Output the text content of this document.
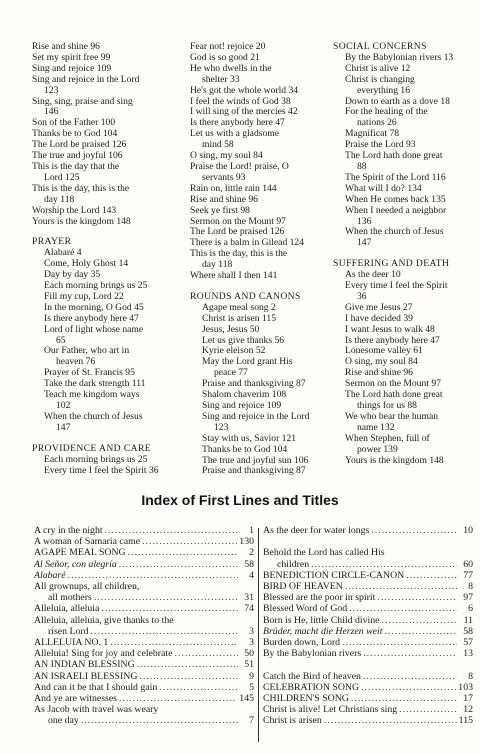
Rise and shine 96
Set my spirit free 99
Sing and rejoice 109
Sing and rejoice in the Lord
123
Sing, sing, praise and sing
146
Son of the Father 100
Thanks be to God 104
The Lord be praised 126
The true and joyful 106
This is the day that the
Lord 125
This is the day, this is the
day 118
Worship the Lord 143
Yours is the kingdom 148
PRAYER
Alabaré 4
Come, Holy Ghost 14
Day by day 35
Each morning brings us 25
Fill my cup, Lord 22
In the morning, O God 45
Is there anybody here 47
Lord of light whose name
65
Our Father, who art in
heaven 76
Prayer of St. Francis 95
Take the dark strength 111
Teach me kingdom ways
102
When the church of Jesus
147
PROVIDENCE AND CARE
Each morning brings us 25
Every time I feel the Spirit 36
Fear not! rejoice 20
God is so good 21
He who dwells in the
shelter 33
He's got the whole world 34
I feel the winds of God 38
I will sing of the mercies 42
Is there anybody here 47
Let us with a gladsome
mind 58
O sing, my soul 84
Praise the Lord! praise, O
servants 93
Rain on, little rain 144
Rise and shine 96
Seek ye first 98
Sermon on the Mount 97
The Lord be praised 126
There is a balm in Gilead 124
This is the day, this is the
day 118
Where shall I then 141
ROUNDS AND CANONS
Agape meal song 2
Christ is arisen 115
Jesus, Jesus 50
Let us give thanks 56
Kyrie eleison 52
May the Lord grant His
peace 77
Praise and thanksgiving 87
Shalom chaverim 108
Sing and rejoice 109
Sing and rejoice in the Lord
123
Stay with us, Savior 121
Thanks be to God 104
The true and joyful sun 106
Praise and thanksgiving 87
SOCIAL CONCERNS
By the Babylonian rivers 13
Christ is alive 12
Christ is changing
everything 16
Down to earth as a dove 18
For the healing of the
nations 26
Magnificat 78
Praise the Lord 93
The Lord hath done great
88
The Spirit of the Lord 116
What will I do? 134
When He comes back 135
When I needed a neighbor
136
When the church of Jesus
147
SUFFERING AND DEATH
As the deer 10
Every time I feel the Spirit
36
Give me Jesus 27
I have decided 39
I want Jesus to walk 48
Is there anybody here 47
Lonesome valley 61
O sing, my soul 84
Rise and shine 96
Sermon on the Mount 97
The Lord hath done great
things for us 88
We who bear the human
name 132
When Stephen, full of
power 139
Yours is the kingdom 148
Index of First Lines and Titles
A cry in the night .....	1
A woman of Samaria came .....	130
AGAPE MEAL SONG .....	2
Al Señor, con alegría .....	58
Alabaré .....	4
All grownups, all children,
all mothers .....	31
Alleluia, alleluia .....	74
Alleluia, alleluia, give thanks to the
risen Lord .....	3
ALLELUIA NO. 1 .....	3
Alleluia! Sing for joy and celebrate .....	50
AN INDIAN BLESSING .....	51
AN ISRAELI BLESSING .....	9
And can it be that I should gain .....	5
And ye are witnesses .....	145
As Jacob with travel was weary
one day .....	7
As the deer for water longs .....	10
Behold the Lord has called His
children .....	60
BENEDICTION CIRCLE-CANON .....	77
BIRD OF HEAVEN .....	8
Blessed are the poor in spirit .....	97
Blessed Word of God .....	6
Born is He, little Child divine .....	11
Brüder, macht die Herzen weit .....	58
Burden down, Lord .....	57
By the Babylonian rivers .....	13
Catch the Bird of heaven .....	8
CELEBRATION SONG .....	103
CHILDREN'S SONG .....	17
Christ is alive! Let Christians sing .....	12
Christ is arisen .....	115
